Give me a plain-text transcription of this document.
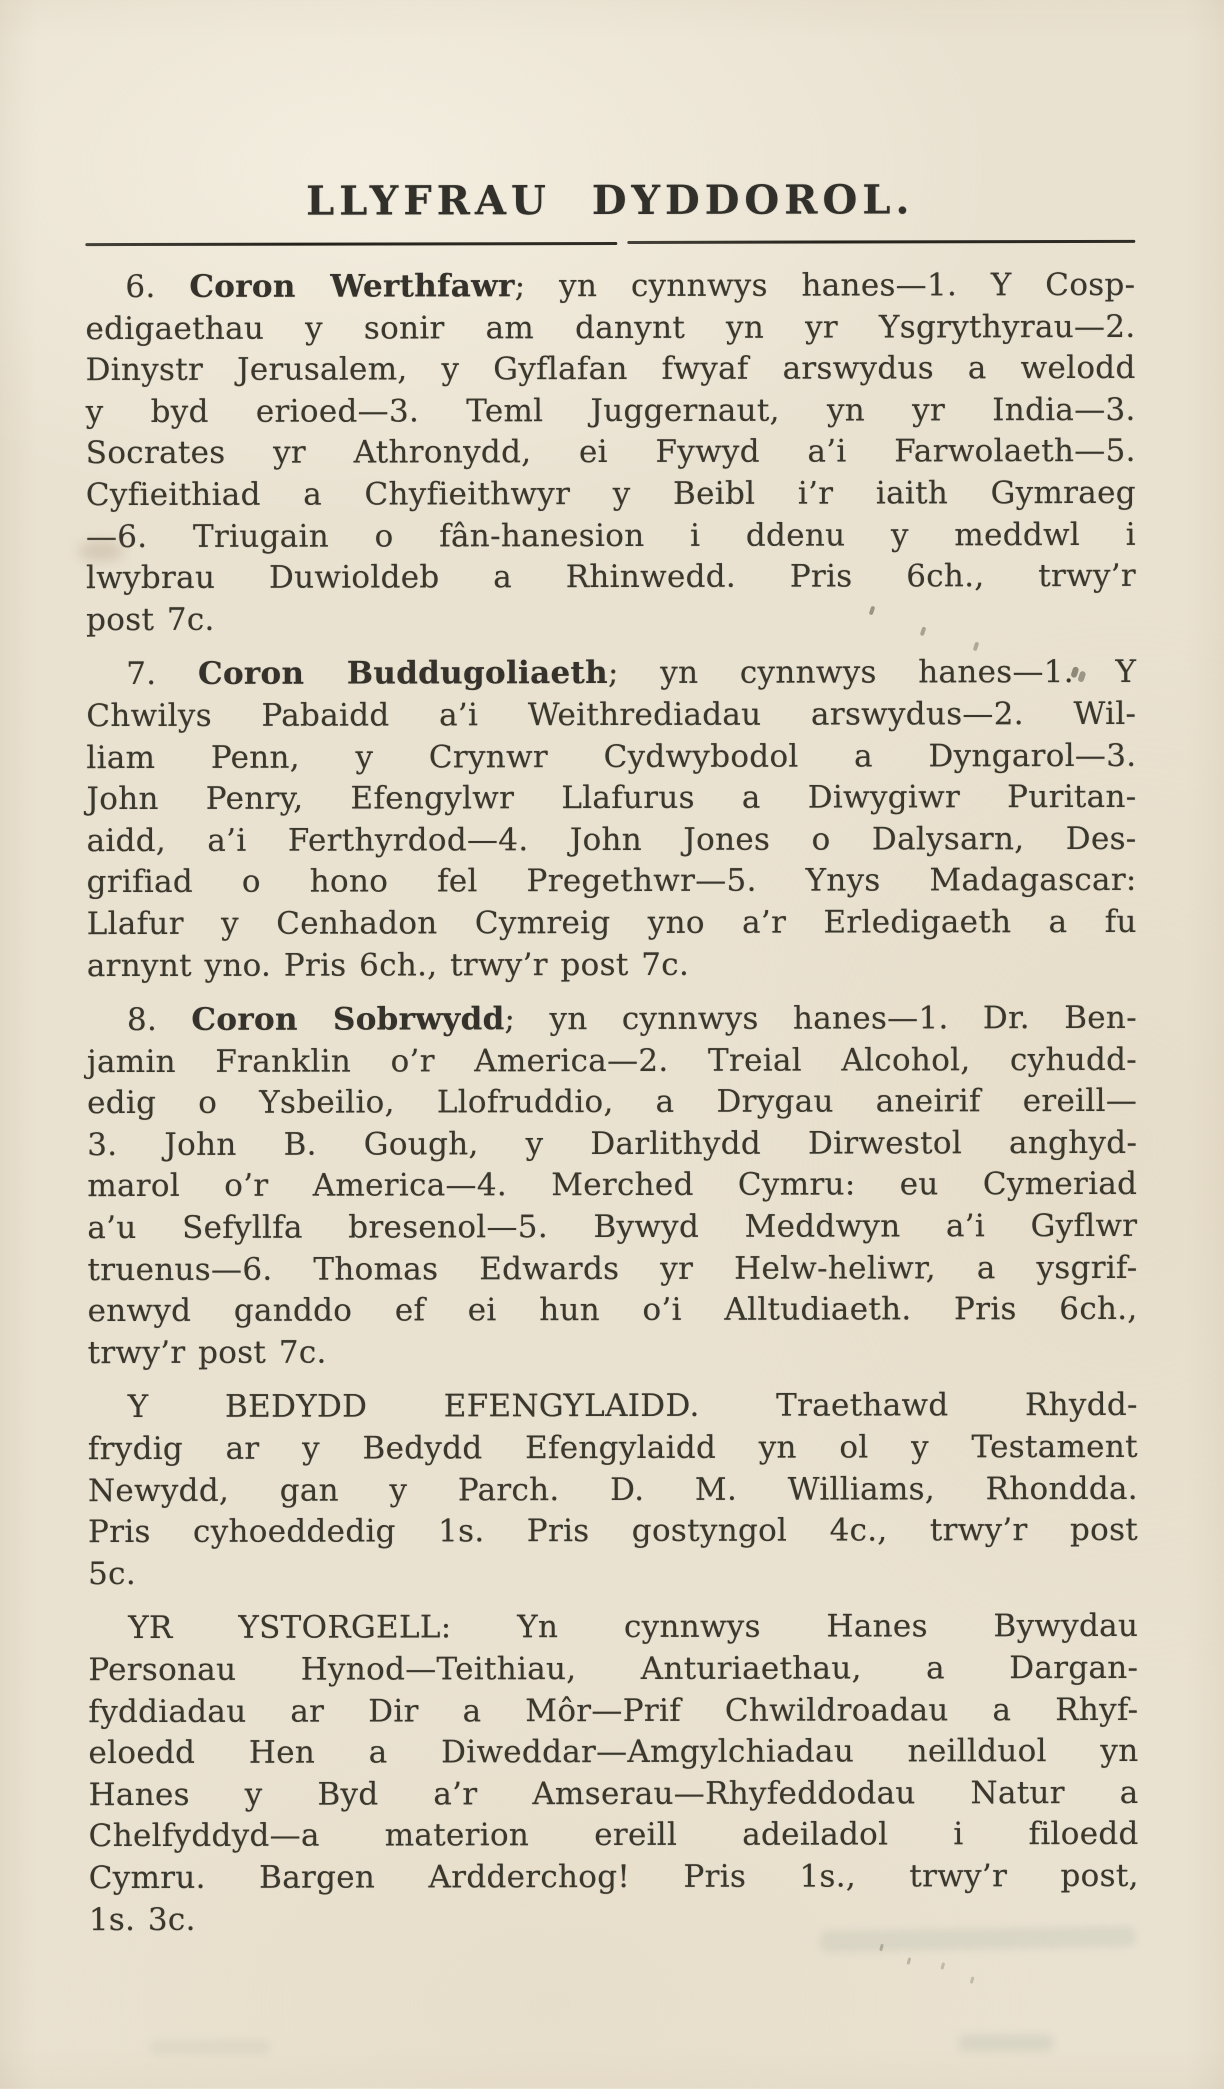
LLYFRAU DYDDOROL.
6. Coron Werthfawr; yn cynnwys hanes—1. Y Cosp-
edigaethau y sonir am danynt yn yr Ysgrythyrau—2.
Dinystr Jerusalem, y Gyflafan fwyaf arswydus a welodd
y byd erioed—3. Teml Juggernaut, yn yr India—3.
Socrates yr Athronydd, ei Fywyd a’i Farwolaeth—5.
Cyfieithiad a Chyfieithwyr y Beibl i’r iaith Gymraeg
—6. Triugain o fân-hanesion i ddenu y meddwl i
lwybrau Duwioldeb a Rhinwedd. Pris 6ch., trwy’r
post 7c.
7. Coron Buddugoliaeth; yn cynnwys hanes—1. Y
Chwilys Pabaidd a’i Weithrediadau arswydus—2. Wil-
liam Penn, y Crynwr Cydwybodol a Dyngarol—3.
John Penry, Efengylwr Llafurus a Diwygiwr Puritan-
aidd, a’i Ferthyrdod—4. John Jones o Dalysarn, Des-
grifiad o hono fel Pregethwr—5. Ynys Madagascar:
Llafur y Cenhadon Cymreig yno a’r Erledigaeth a fu
arnynt yno. Pris 6ch., trwy’r post 7c.
8. Coron Sobrwydd; yn cynnwys hanes—1. Dr. Ben-
jamin Franklin o’r America—2. Treial Alcohol, cyhudd-
edig o Ysbeilio, Llofruddio, a Drygau aneirif ereill—
3. John B. Gough, y Darlithydd Dirwestol anghyd-
marol o’r America—4. Merched Cymru: eu Cymeriad
a’u Sefyllfa bresenol—5. Bywyd Meddwyn a’i Gyflwr
truenus—6. Thomas Edwards yr Helw-heliwr, a ysgrif-
enwyd ganddo ef ei hun o’i Alltudiaeth. Pris 6ch.,
trwy’r post 7c.
Y BEDYDD EFENGYLAIDD. Traethawd Rhydd-
frydig ar y Bedydd Efengylaidd yn ol y Testament
Newydd, gan y Parch. D. M. Williams, Rhondda.
Pris cyhoeddedig 1s. Pris gostyngol 4c., trwy’r post
5c.
YR YSTORGELL: Yn cynnwys Hanes Bywydau
Personau Hynod—Teithiau, Anturiaethau, a Dargan-
fyddiadau ar Dir a Môr—Prif Chwildroadau a Rhyf-
eloedd Hen a Diweddar—Amgylchiadau neillduol yn
Hanes y Byd a’r Amserau—Rhyfeddodau Natur a
Chelfyddyd—a materion ereill adeiladol i filoedd
Cymru. Bargen Ardderchog! Pris 1s., trwy’r post,
1s. 3c.
